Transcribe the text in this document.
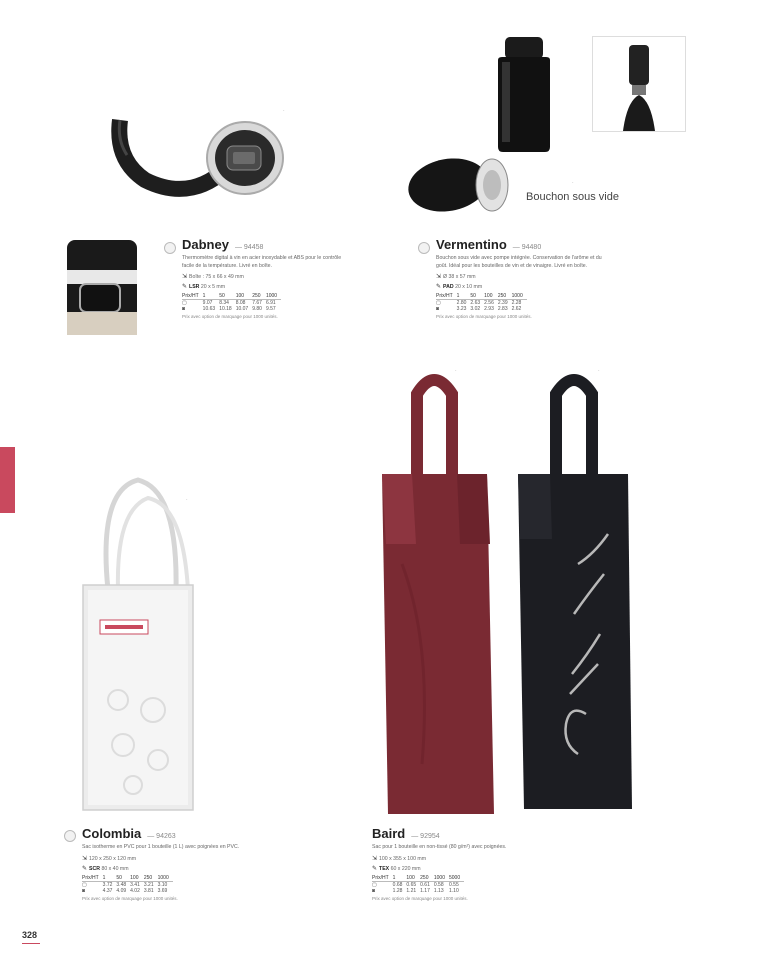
·
Bouchon sous vide
·
Dabney — 94458
Thermomètre digital à vin en acier inoxydable et ABS pour le contrôle facile de la température. Livré en boîte.
⇲ Boîte : 75 x 66 x 49 mm
✎ LSR 20 x 5 mm
Prix/HT	1	50	100	250	1000
▢	9.07	8.34	8.08	7.67	6.91
◙	10.63	10.18	10.07	9.80	9.57
Prix avec option de marquage pour 1000 unités.
Vermentino — 94480
Bouchon sous vide avec pompe intégrée. Conservation de l'arôme et du goût. Idéal pour les bouteilles de vin et de vinaigre. Livré en boîte.
⇲ Ø 38 x 57 mm
✎ PAD 20 x 10 mm
Prix/HT	1	50	100	250	1000
▢	2.80	2.63	2.56	2.39	2.28
◙	3.23	3.02	2.93	2.83	2.62
Prix avec option de marquage pour 1000 unités.
·
·	·
Colombia — 94263
Sac isotherme en PVC pour 1 bouteille (1 L) avec poignées en PVC.
⇲ 120 x 250 x 120 mm
✎ SCR 80 x 40 mm
Prix/HT	1	50	100	250	1000
▢	3.72	3.48	3.41	3.21	3.10
◙	4.37	4.09	4.02	3.81	3.69
Prix avec option de marquage pour 1000 unités.
Baird — 92954
Sac pour 1 bouteille en non-tissé (80 g/m²) avec poignées.
⇲ 100 x 355 x 100 mm
✎ TEX 60 x 220 mm
Prix/HT	1	100	250	1000	5000
▢	0.68	0.65	0.61	0.58	0.55
◙	1.28	1.21	1.17	1.13	1.10
Prix avec option de marquage pour 1000 unités.
328
